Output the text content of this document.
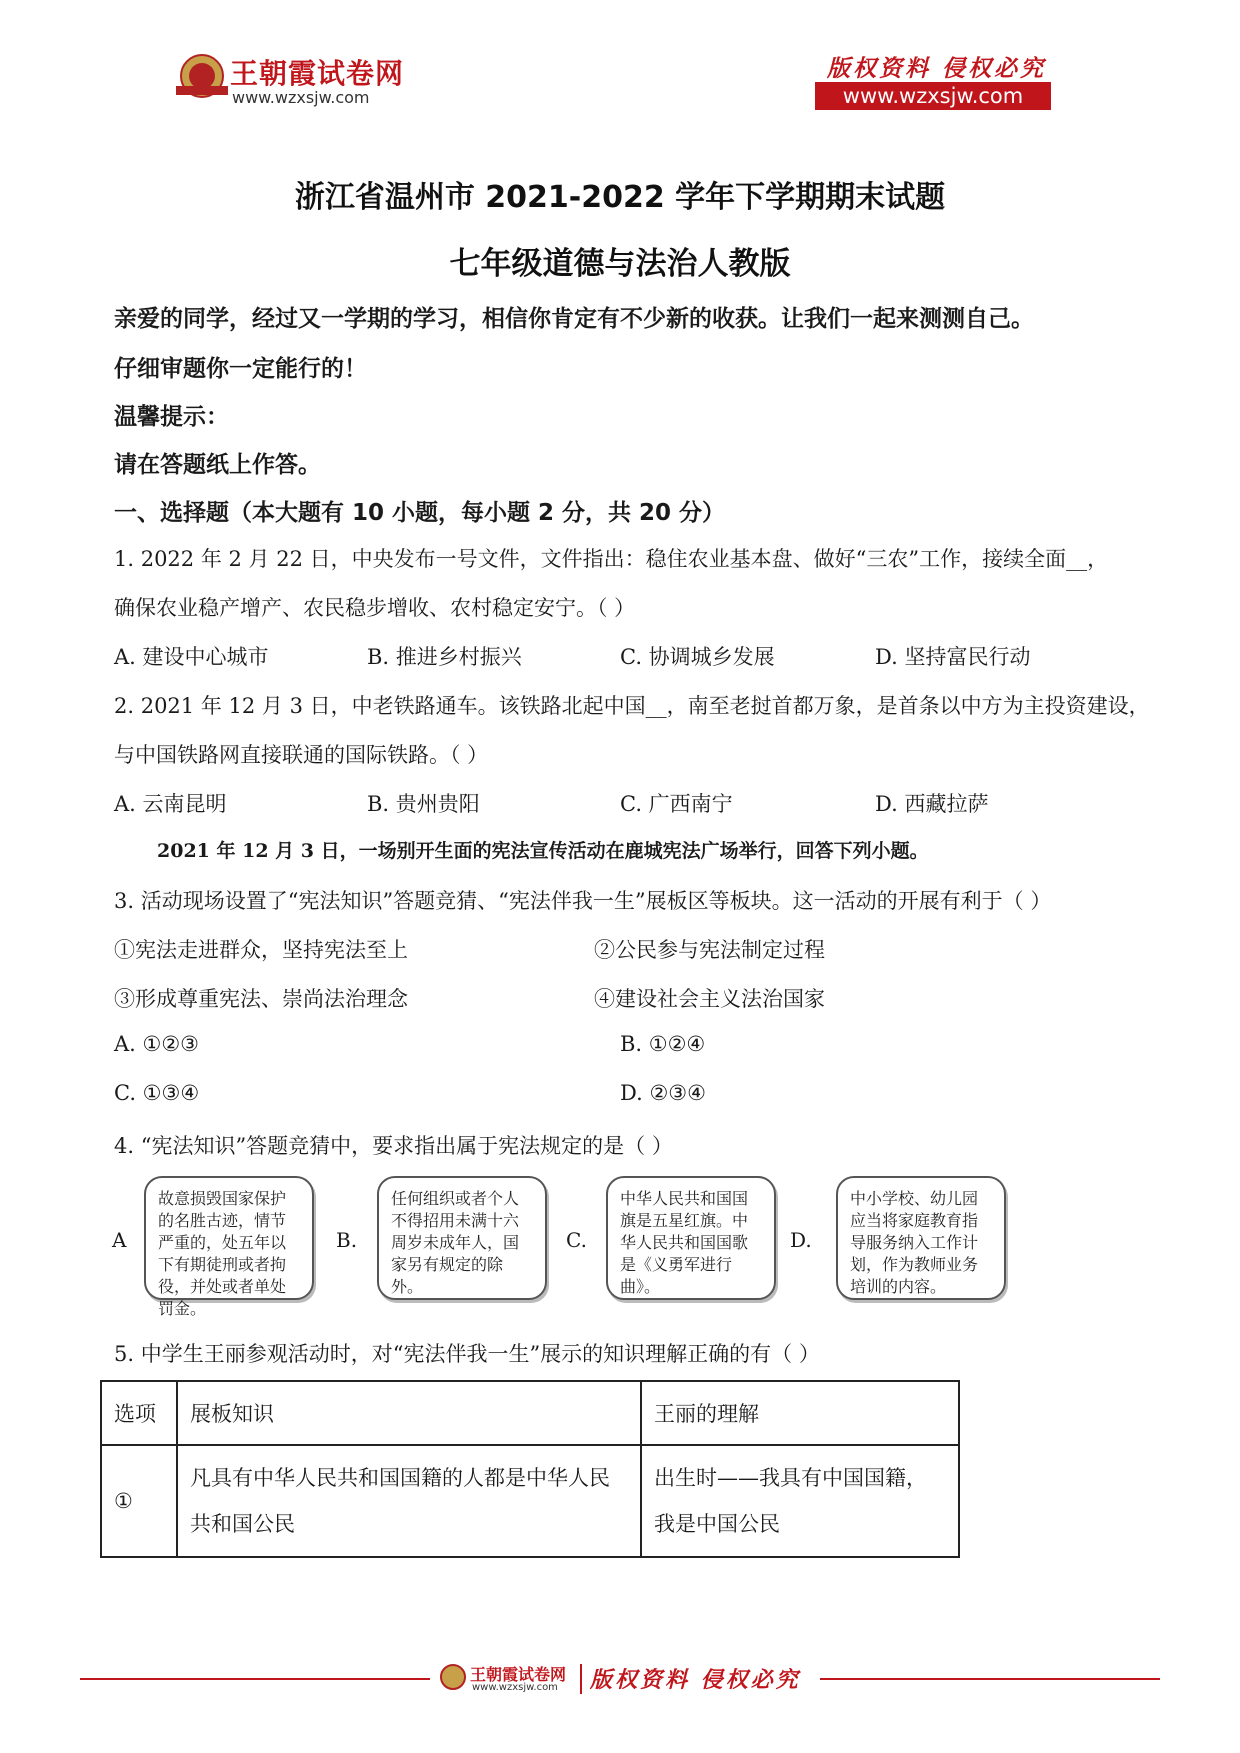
王朝霞试卷网
www.wzxsjw.com
版权资料 侵权必究
www.wzxsjw.com
浙江省温州市 2021-2022 学年下学期期末试题
七年级道德与法治人教版
亲爱的同学，经过又一学期的学习，相信你肯定有不少新的收获。让我们一起来测测自己。
仔细审题你一定能行的！
温馨提示：
请在答题纸上作答。
一、选择题（本大题有 10 小题，每小题 2 分，共 20 分）
1. 2022 年 2 月 22 日，中央发布一号文件，文件指出：稳住农业基本盘、做好“三农”工作，接续全面__，
确保农业稳产增产、农民稳步增收、农村稳定安宁。（ ）
A. 建设中心城市	B. 推进乡村振兴	C. 协调城乡发展	D. 坚持富民行动
2. 2021 年 12 月 3 日，中老铁路通车。该铁路北起中国__，南至老挝首都万象，是首条以中方为主投资建设，
与中国铁路网直接联通的国际铁路。（ ）
A. 云南昆明	B. 贵州贵阳	C. 广西南宁	D. 西藏拉萨
2021 年 12 月 3 日，一场别开生面的宪法宣传活动在鹿城宪法广场举行，回答下列小题。
3. 活动现场设置了“宪法知识”答题竞猜、“宪法伴我一生”展板区等板块。这一活动的开展有利于（ ）
①宪法走进群众，坚持宪法至上	②公民参与宪法制定过程
③形成尊重宪法、崇尚法治理念	④建设社会主义法治国家
A. ①②③	B. ①②④
C. ①③④	D. ②③④
4. “宪法知识”答题竞猜中，要求指出属于宪法规定的是（ ）
A
故意损毁国家保护的名胜古迹，情节严重的，处五年以下有期徒刑或者拘役，并处或者单处罚金。
B.
任何组织或者个人不得招用未满十六周岁未成年人，国家另有规定的除外。
C.
中华人民共和国国旗是五星红旗。中华人民共和国国歌是《义勇军进行曲》。
D.
中小学校、幼儿园应当将家庭教育指导服务纳入工作计划，作为教师业务培训的内容。
5. 中学生王丽参观活动时，对“宪法伴我一生”展示的知识理解正确的有（ ）
选项	展板知识	王丽的理解
①	凡具有中华人民共和国国籍的人都是中华人民共和国公民	出生时——我具有中国国籍，我是中国公民
王朝霞试卷网
www.wzxsjw.com 版权资料 侵权必究
